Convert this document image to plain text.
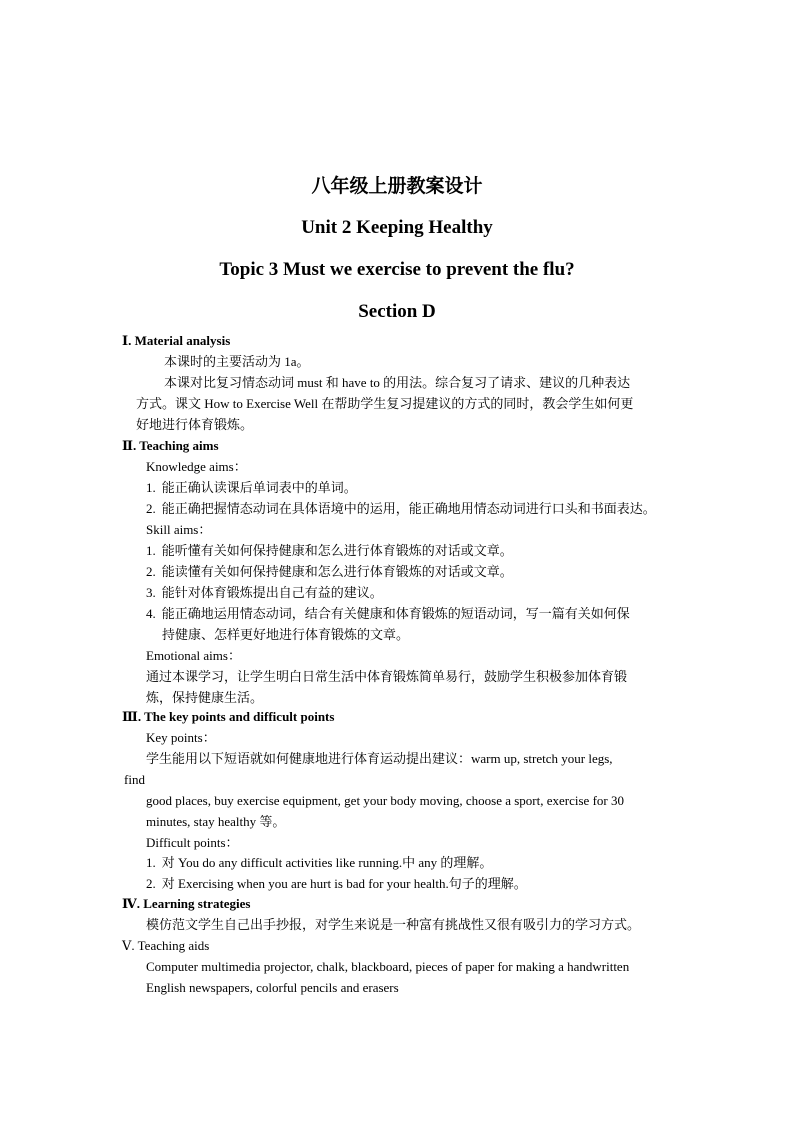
八年级上册教案设计
Unit 2 Keeping Healthy
Topic 3 Must we exercise to prevent the flu?
Section D
Ⅰ. Material analysis
本课时的主要活动为 1a。
本课对比复习情态动词 must 和 have to 的用法。综合复习了请求、建议的几种表达
方式。课文 How to Exercise Well 在帮助学生复习提建议的方式的同时，教会学生如何更
好地进行体育锻炼。
Ⅱ. Teaching aims
Knowledge aims：
1. 能正确认读课后单词表中的单词。
2. 能正确把握情态动词在具体语境中的运用，能正确地用情态动词进行口头和书面表达。
Skill aims：
1. 能听懂有关如何保持健康和怎么进行体育锻炼的对话或文章。
2. 能读懂有关如何保持健康和怎么进行体育锻炼的对话或文章。
3. 能针对体育锻炼提出自己有益的建议。
4. 能正确地运用情态动词，结合有关健康和体育锻炼的短语动词，写一篇有关如何保
持健康、怎样更好地进行体育锻炼的文章。
Emotional aims：
通过本课学习，让学生明白日常生活中体育锻炼简单易行，鼓励学生积极参加体育锻
炼，保持健康生活。
Ⅲ. The key points and difficult points
Key points：
学生能用以下短语就如何健康地进行体育运动提出建议：warm up, stretch your legs,
find
good places, buy exercise equipment, get your body moving, choose a sport, exercise for 30
minutes, stay healthy 等。
Difficult points：
1. 对 You do any difficult activities like running.中 any 的理解。
2. 对 Exercising when you are hurt is bad for your health.句子的理解。
Ⅳ. Learning strategies
模仿范文学生自己出手抄报，对学生来说是一种富有挑战性又很有吸引力的学习方式。
Ⅴ. Teaching aids
Computer multimedia projector, chalk, blackboard, pieces of paper for making a handwritten
English newspapers, colorful pencils and erasers
